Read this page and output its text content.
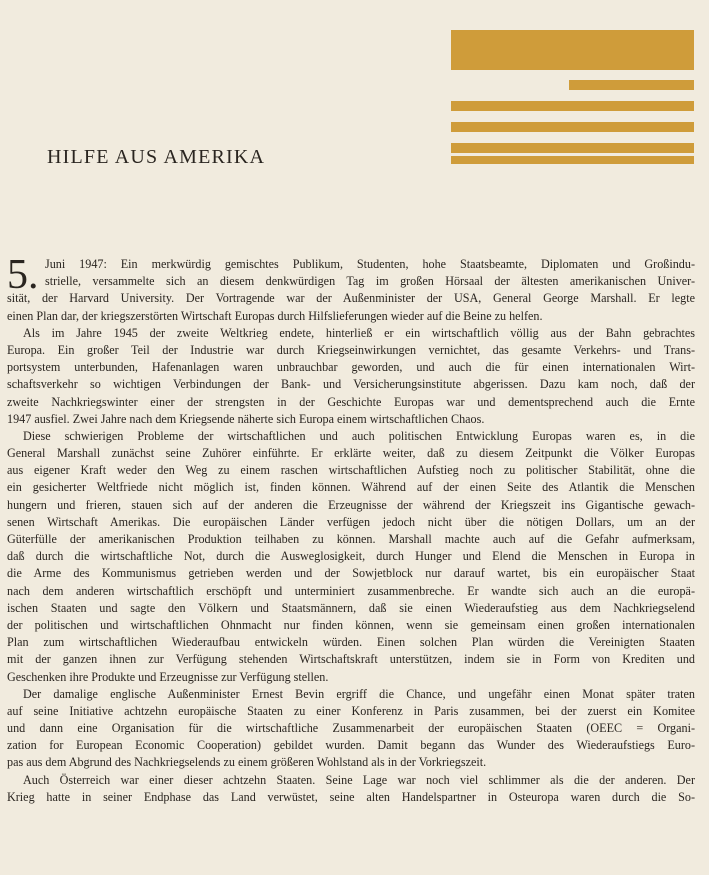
HILFE AUS AMERIKA
5. Juni 1947: Ein merkwürdig gemischtes Publikum, Studenten, hohe Staatsbeamte, Diplomaten und Großindu-
strielle, versammelte sich an diesem denkwürdigen Tag im großen Hörsaal der ältesten amerikanischen Univer-
sität, der Harvard University. Der Vortragende war der Außenminister der USA, General George Marshall. Er legte
einen Plan dar, der kriegszerstörten Wirtschaft Europas durch Hilfslieferungen wieder auf die Beine zu helfen.
Als im Jahre 1945 der zweite Weltkrieg endete, hinterließ er ein wirtschaftlich völlig aus der Bahn gebrachtes
Europa. Ein großer Teil der Industrie war durch Kriegseinwirkungen vernichtet, das gesamte Verkehrs- und Trans-
portsystem unterbunden, Hafenanlagen waren unbrauchbar geworden, und auch die für einen internationalen Wirt-
schaftsverkehr so wichtigen Verbindungen der Bank- und Versicherungsinstitute abgerissen. Dazu kam noch, daß der
zweite Nachkriegswinter einer der strengsten in der Geschichte Europas war und dementsprechend auch die Ernte
1947 ausfiel. Zwei Jahre nach dem Kriegsende näherte sich Europa einem wirtschaftlichen Chaos.
Diese schwierigen Probleme der wirtschaftlichen und auch politischen Entwicklung Europas waren es, in die
General Marshall zunächst seine Zuhörer einführte. Er erklärte weiter, daß zu diesem Zeitpunkt die Völker Europas
aus eigener Kraft weder den Weg zu einem raschen wirtschaftlichen Aufstieg noch zu politischer Stabilität, ohne die
ein gesicherter Weltfriede nicht möglich ist, finden können. Während auf der einen Seite des Atlantik die Menschen
hungern und frieren, stauen sich auf der anderen die Erzeugnisse der während der Kriegszeit ins Gigantische gewach-
senen Wirtschaft Amerikas. Die europäischen Länder verfügen jedoch nicht über die nötigen Dollars, um an der
Güterfülle der amerikanischen Produktion teilhaben zu können. Marshall machte auch auf die Gefahr aufmerksam,
daß durch die wirtschaftliche Not, durch die Ausweglosigkeit, durch Hunger und Elend die Menschen in Europa in
die Arme des Kommunismus getrieben werden und der Sowjetblock nur darauf wartet, bis ein europäischer Staat
nach dem anderen wirtschaftlich erschöpft und unterminiert zusammenbreche. Er wandte sich auch an die europä-
ischen Staaten und sagte den Völkern und Staatsmännern, daß sie einen Wiederaufstieg aus dem Nachkriegselend
der politischen und wirtschaftlichen Ohnmacht nur finden können, wenn sie gemeinsam einen großen internationalen
Plan zum wirtschaftlichen Wiederaufbau entwickeln würden. Einen solchen Plan würden die Vereinigten Staaten
mit der ganzen ihnen zur Verfügung stehenden Wirtschaftskraft unterstützen, indem sie in Form von Krediten und
Geschenken ihre Produkte und Erzeugnisse zur Verfügung stellen.
Der damalige englische Außenminister Ernest Bevin ergriff die Chance, und ungefähr einen Monat später traten
auf seine Initiative achtzehn europäische Staaten zu einer Konferenz in Paris zusammen, bei der zuerst ein Komitee
und dann eine Organisation für die wirtschaftliche Zusammenarbeit der europäischen Staaten (OEEC = Organi-
zation for European Economic Cooperation) gebildet wurden. Damit begann das Wunder des Wiederaufstiegs Euro-
pas aus dem Abgrund des Nachkriegselends zu einem größeren Wohlstand als in der Vorkriegszeit.
Auch Österreich war einer dieser achtzehn Staaten. Seine Lage war noch viel schlimmer als die der anderen. Der
Krieg hatte in seiner Endphase das Land verwüstet, seine alten Handelspartner in Osteuropa waren durch die So-
